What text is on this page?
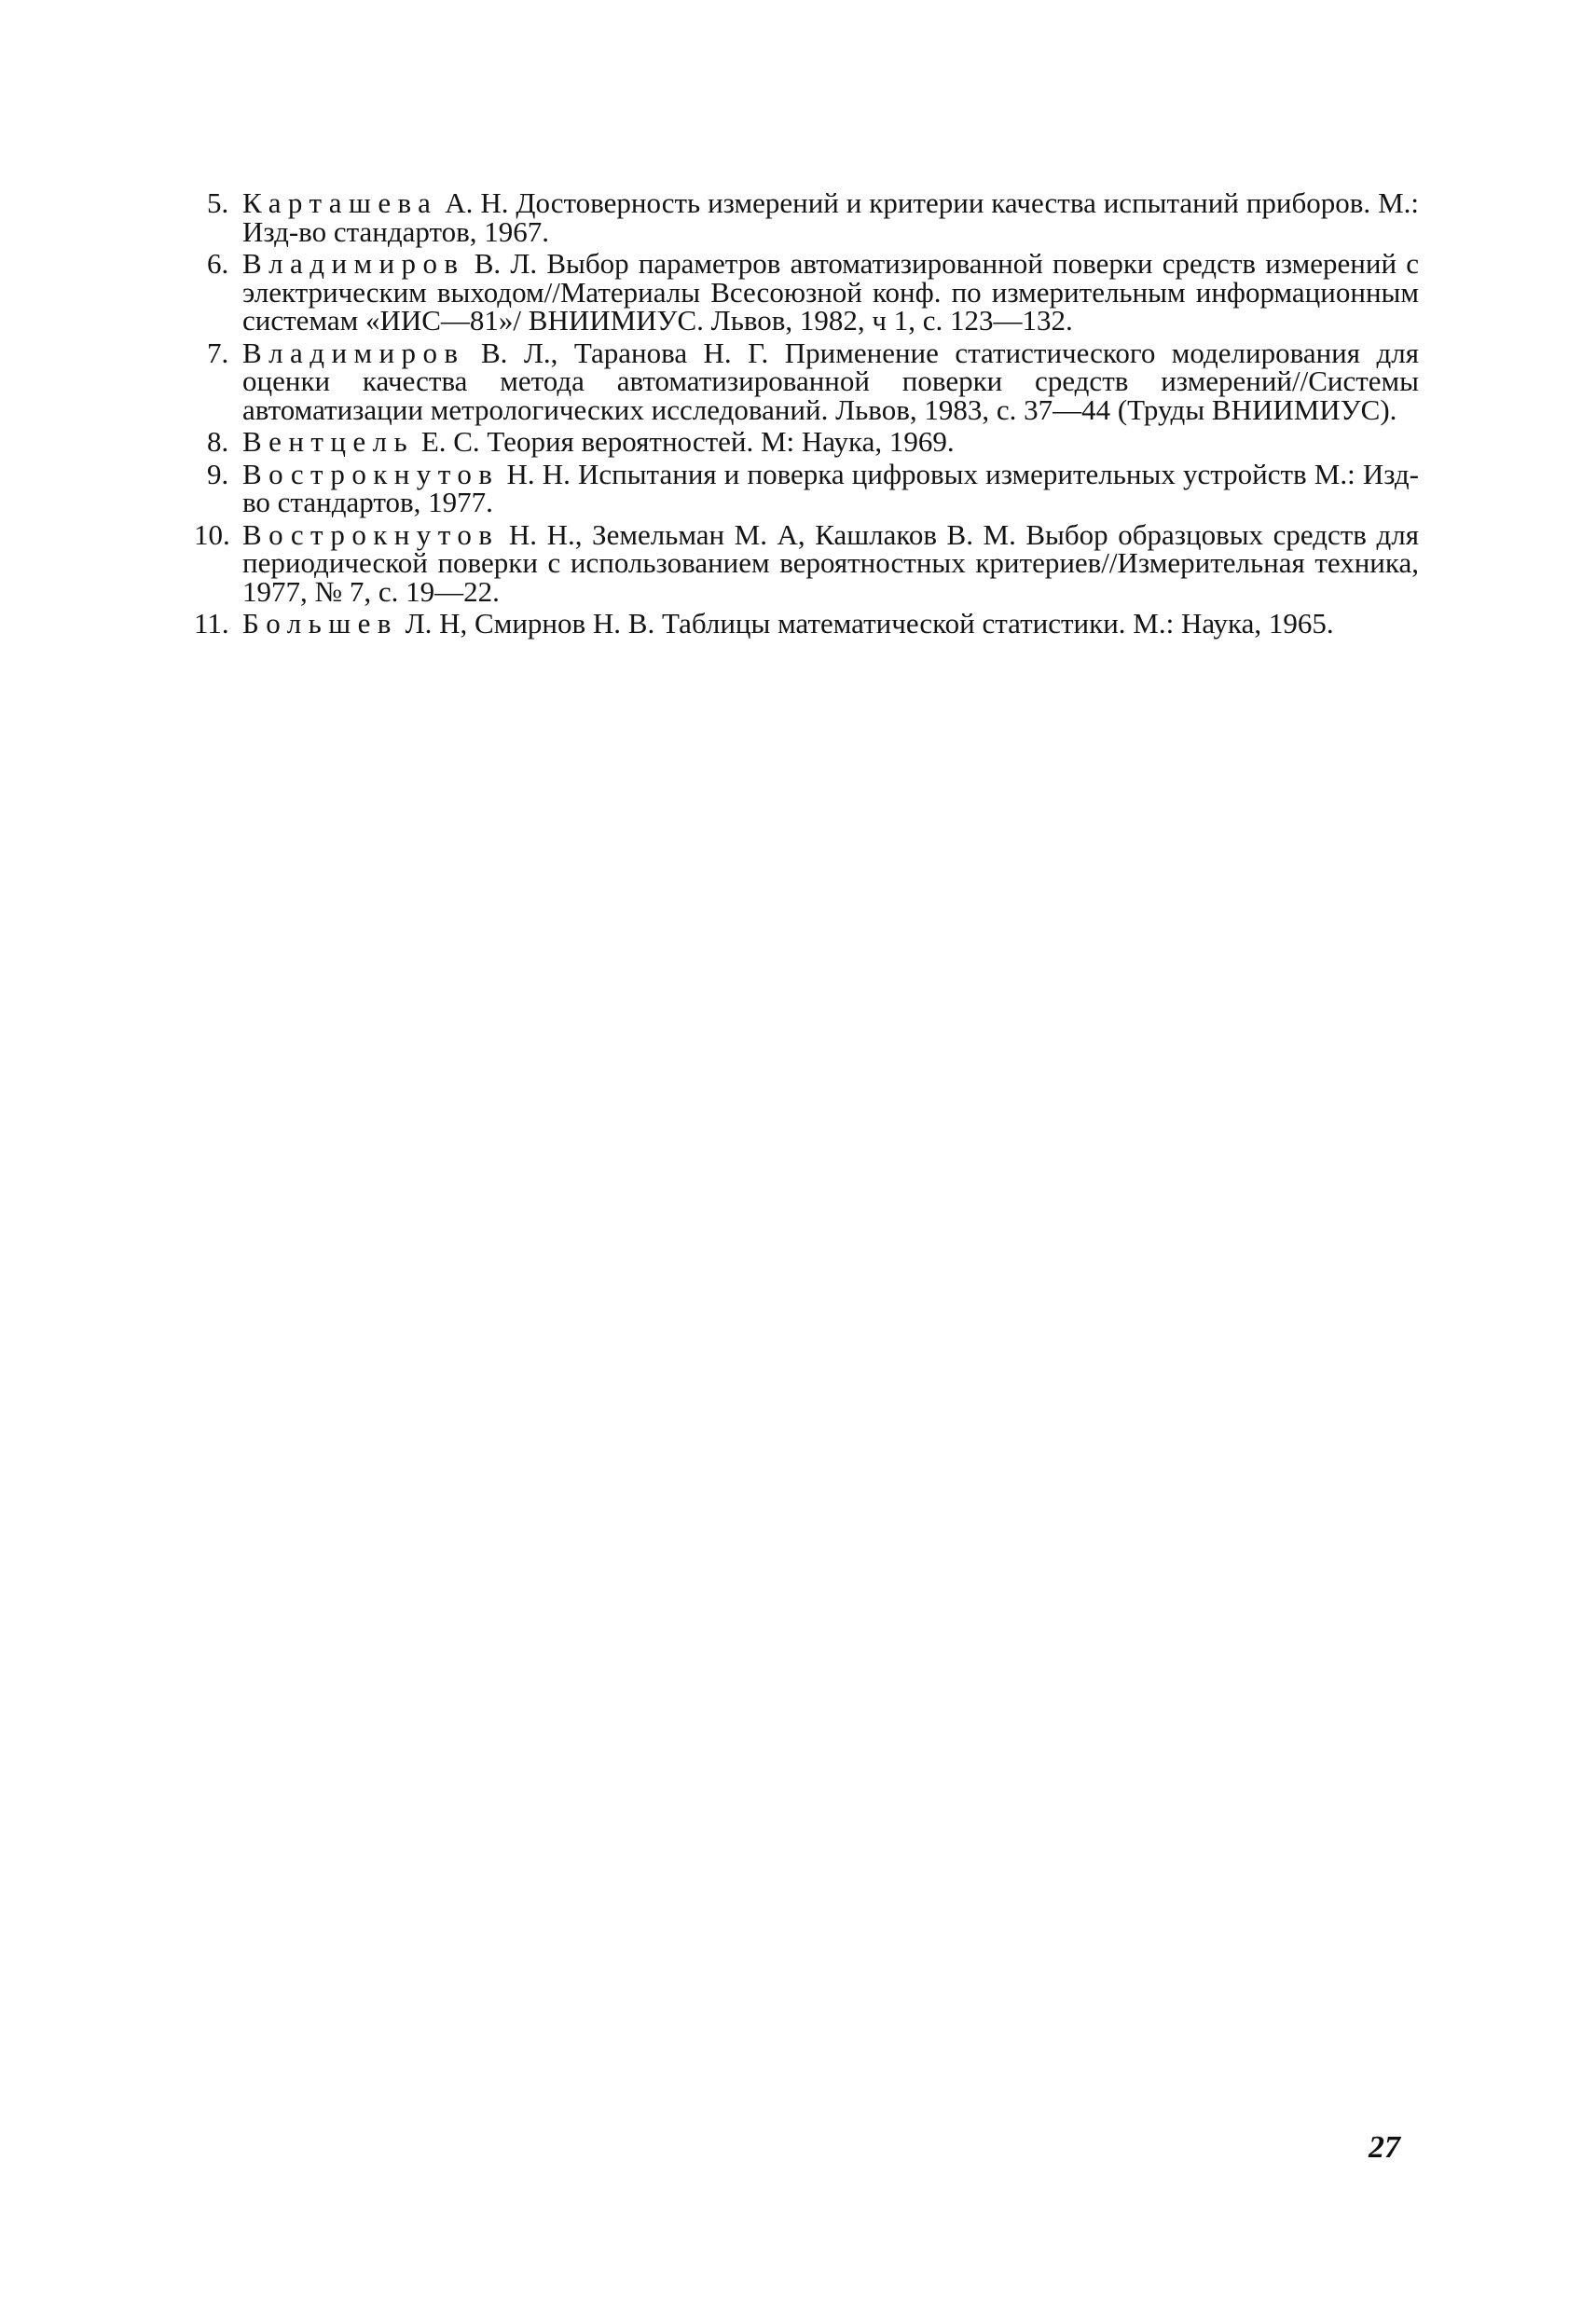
5. Карташева А. Н. Достоверность измерений и критерии качества испытаний приборов. М.: Изд-во стандартов, 1967.
6. Владимиров В. Л. Выбор параметров автоматизированной поверки средств измерений с электрическим выходом//Материалы Всесоюзной конф. по измерительным информационным системам «ИИС—81»/ ВНИИМИУС. Львов, 1982, ч 1, с. 123—132.
7. Владимиров В. Л., Таранова Н. Г. Применение статистического моделирования для оценки качества метода автоматизированной поверки средств измерений//Системы автоматизации метрологических исследований. Львов, 1983, с. 37—44 (Труды ВНИИМИУС).
8. Вентцель Е. С. Теория вероятностей. М: Наука, 1969.
9. Вострокнутов Н. Н. Испытания и поверка цифровых измерительных устройств М.: Изд-во стандартов, 1977.
10. Вострокнутов Н. Н., Земельман М. А, Кашлаков В. М. Выбор образцовых средств для периодической поверки с использованием вероятностных критериев//Измерительная техника, 1977, № 7, с. 19—22.
11. Большев Л. Н, Смирнов Н. В. Таблицы математической статистики. М.: Наука, 1965.
27
